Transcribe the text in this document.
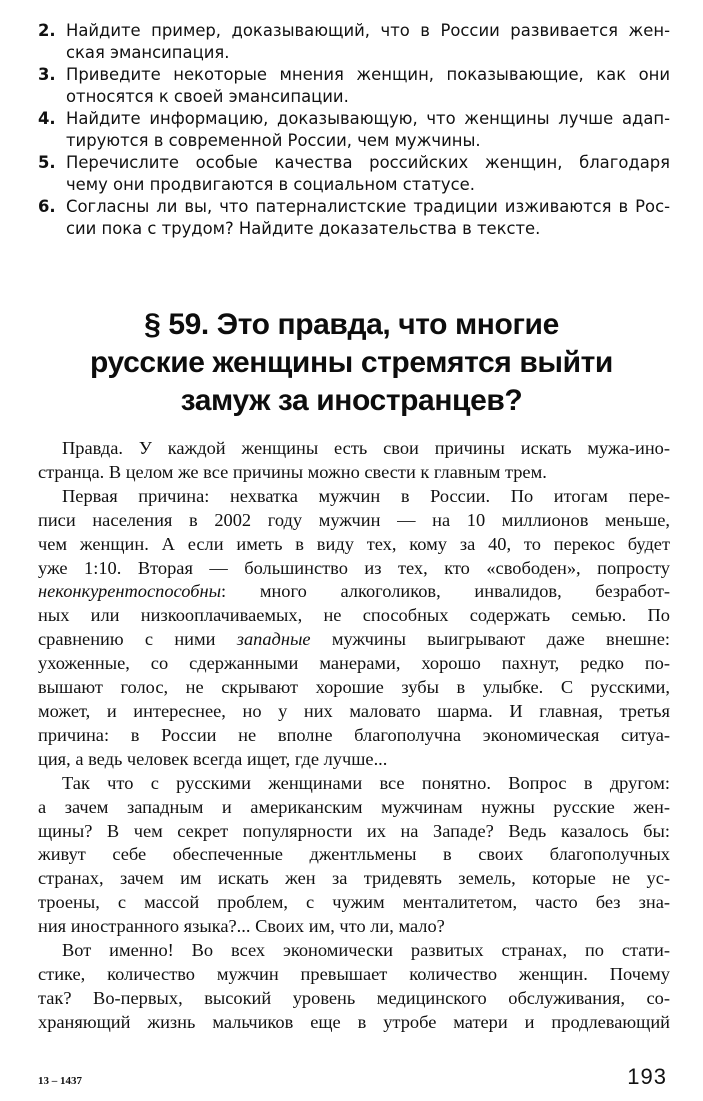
2. Найдите пример, доказывающий, что в России развивается жен-
ская эмансипация.
3. Приведите некоторые мнения женщин, показывающие, как они
относятся к своей эмансипации.
4. Найдите информацию, доказывающую, что женщины лучше адап-
тируются в современной России, чем мужчины.
5. Перечислите особые качества российских женщин, благодаря
чему они продвигаются в социальном статусе.
6. Согласны ли вы, что патерналистские традиции изживаются в Рос-
сии пока с трудом? Найдите доказательства в тексте.
§ 59. Это правда, что многие
русские женщины стремятся выйти
замуж за иностранцев?
Правда. У каждой женщины есть свои причины искать мужа-ино-
странца. В целом же все причины можно свести к главным трем.
Первая причина: нехватка мужчин в России. По итогам пере-
писи населения в 2002 году мужчин — на 10 миллионов меньше,
чем женщин. А если иметь в виду тех, кому за 40, то перекос будет
уже 1:10. Вторая — большинство из тех, кто «свободен», попросту
неконкурентоспособны: много алкоголиков, инвалидов, безработ-
ных или низкооплачиваемых, не способных содержать семью. По
сравнению с ними западные мужчины выигрывают даже внешне:
ухоженные, со сдержанными манерами, хорошо пахнут, редко по-
вышают голос, не скрывают хорошие зубы в улыбке. С русскими,
может, и интереснее, но у них маловато шарма. И главная, третья
причина: в России не вполне благополучна экономическая ситуа-
ция, а ведь человек всегда ищет, где лучше...
Так что с русскими женщинами все понятно. Вопрос в другом:
а зачем западным и американским мужчинам нужны русские жен-
щины? В чем секрет популярности их на Западе? Ведь казалось бы:
живут себе обеспеченные джентльмены в своих благополучных
странах, зачем им искать жен за тридевять земель, которые не ус-
троены, с массой проблем, с чужим менталитетом, часто без зна-
ния иностранного языка?... Своих им, что ли, мало?
Вот именно! Во всех экономически развитых странах, по стати-
стике, количество мужчин превышает количество женщин. Почему
так? Во-первых, высокий уровень медицинского обслуживания, со-
храняющий жизнь мальчиков еще в утробе матери и продлевающий
13 – 1437	193
